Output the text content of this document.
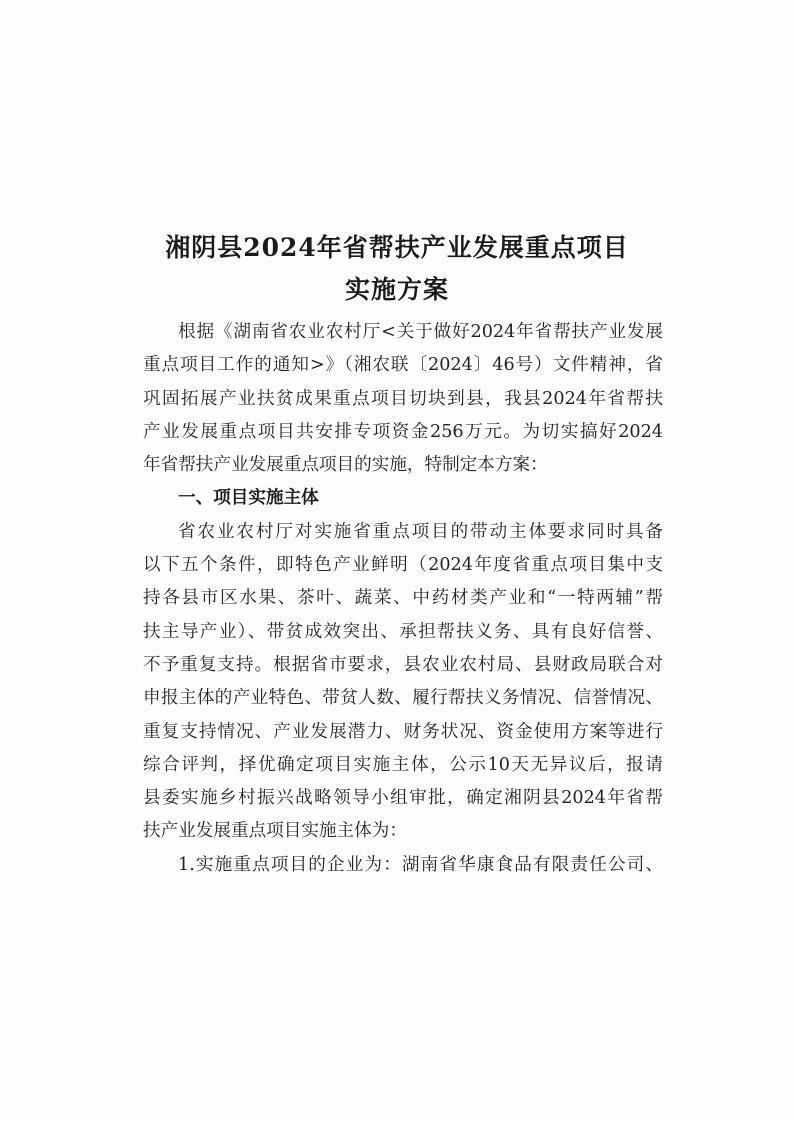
湘阴县2024年省帮扶产业发展重点项目
实施方案
根据《湖南省农业农村厅<关于做好2024年省帮扶产业发展
重点项目工作的通知>》（湘农联〔2024〕46号）文件精神，省
巩固拓展产业扶贫成果重点项目切块到县，我县2024年省帮扶
产业发展重点项目共安排专项资金256万元。为切实搞好2024
年省帮扶产业发展重点项目的实施，特制定本方案：
一、项目实施主体
省农业农村厅对实施省重点项目的带动主体要求同时具备
以下五个条件，即特色产业鲜明（2024年度省重点项目集中支
持各县市区水果、茶叶、蔬菜、中药材类产业和“一特两辅”帮
扶主导产业）、带贫成效突出、承担帮扶义务、具有良好信誉、
不予重复支持。根据省市要求，县农业农村局、县财政局联合对
申报主体的产业特色、带贫人数、履行帮扶义务情况、信誉情况、
重复支持情况、产业发展潜力、财务状况、资金使用方案等进行
综合评判，择优确定项目实施主体，公示10天无异议后，报请
县委实施乡村振兴战略领导小组审批，确定湘阴县2024年省帮
扶产业发展重点项目实施主体为：
1.实施重点项目的企业为：湖南省华康食品有限责任公司、
